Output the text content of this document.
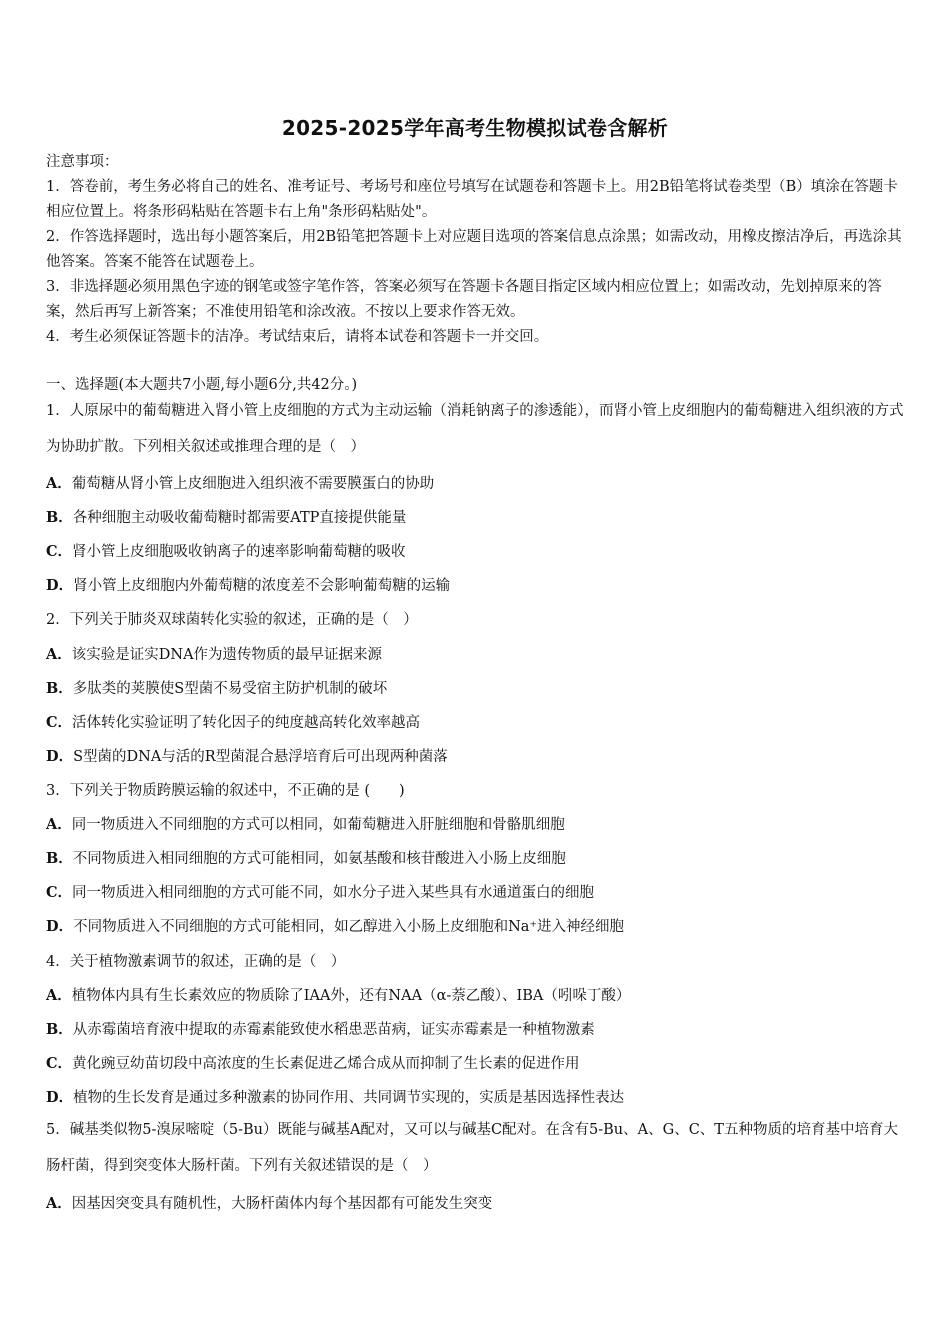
2025-2025学年高考生物模拟试卷含解析

注意事项：

1．答卷前，考生务必将自己的姓名、准考证号、考场号和座位号填写在试题卷和答题卡上。用2B铅笔将试卷类型（B）填涂在答题卡相应位置上。将条形码粘贴在答题卡右上角"条形码粘贴处"。

2．作答选择题时，选出每小题答案后，用2B铅笔把答题卡上对应题目选项的答案信息点涂黑；如需改动，用橡皮擦洁净后，再选涂其他答案。答案不能答在试题卷上。

3．非选择题必须用黑色字迹的钢笔或签字笔作答，答案必须写在答题卡各题目指定区域内相应位置上；如需改动，先划掉原来的答案，然后再写上新答案；不准使用铅笔和涂改液。不按以上要求作答无效。

4．考生必须保证答题卡的洁净。考试结束后，请将本试卷和答题卡一并交回。

一、选择题(本大题共7小题,每小题6分,共42分。)
1．人原尿中的葡萄糖进入肾小管上皮细胞的方式为主动运输（消耗钠离子的渗透能），而肾小管上皮细胞内的葡萄糖进入组织液的方式为协助扩散。下列相关叙述或推理合理的是（　）
A．葡萄糖从肾小管上皮细胞进入组织液不需要膜蛋白的协助
B．各种细胞主动吸收葡萄糖时都需要ATP直接提供能量
C．肾小管上皮细胞吸收钠离子的速率影响葡萄糖的吸收
D．肾小管上皮细胞内外葡萄糖的浓度差不会影响葡萄糖的运输
2．下列关于肺炎双球菌转化实验的叙述，正确的是（　）
A．该实验是证实DNA作为遗传物质的最早证据来源
B．多肽类的荚膜使S型菌不易受宿主防护机制的破坏
C．活体转化实验证明了转化因子的纯度越高转化效率越高
D．S型菌的DNA与活的R型菌混合悬浮培育后可出现两种菌落
3．下列关于物质跨膜运输的叙述中，不正确的是 (　　)
A．同一物质进入不同细胞的方式可以相同，如葡萄糖进入肝脏细胞和骨骼肌细胞
B．不同物质进入相同细胞的方式可能相同，如氨基酸和核苷酸进入小肠上皮细胞
C．同一物质进入相同细胞的方式可能不同，如水分子进入某些具有水通道蛋白的细胞
D．不同物质进入不同细胞的方式可能相同，如乙醇进入小肠上皮细胞和Na⁺进入神经细胞
4．关于植物激素调节的叙述，正确的是（　）
A．植物体内具有生长素效应的物质除了IAA外，还有NAA（α-萘乙酸）、IBA（吲哚丁酸）
B．从赤霉菌培育液中提取的赤霉素能致使水稻患恶苗病，证实赤霉素是一种植物激素
C．黄化豌豆幼苗切段中高浓度的生长素促进乙烯合成从而抑制了生长素的促进作用
D．植物的生长发育是通过多种激素的协同作用、共同调节实现的，实质是基因选择性表达
5．碱基类似物5-溴尿嘧啶（5-Bu）既能与碱基A配对，又可以与碱基C配对。在含有5-Bu、A、G、C、T五种物质的培育基中培育大肠杆菌，得到突变体大肠杆菌。下列有关叙述错误的是（　）
A．因基因突变具有随机性，大肠杆菌体内每个基因都有可能发生突变
